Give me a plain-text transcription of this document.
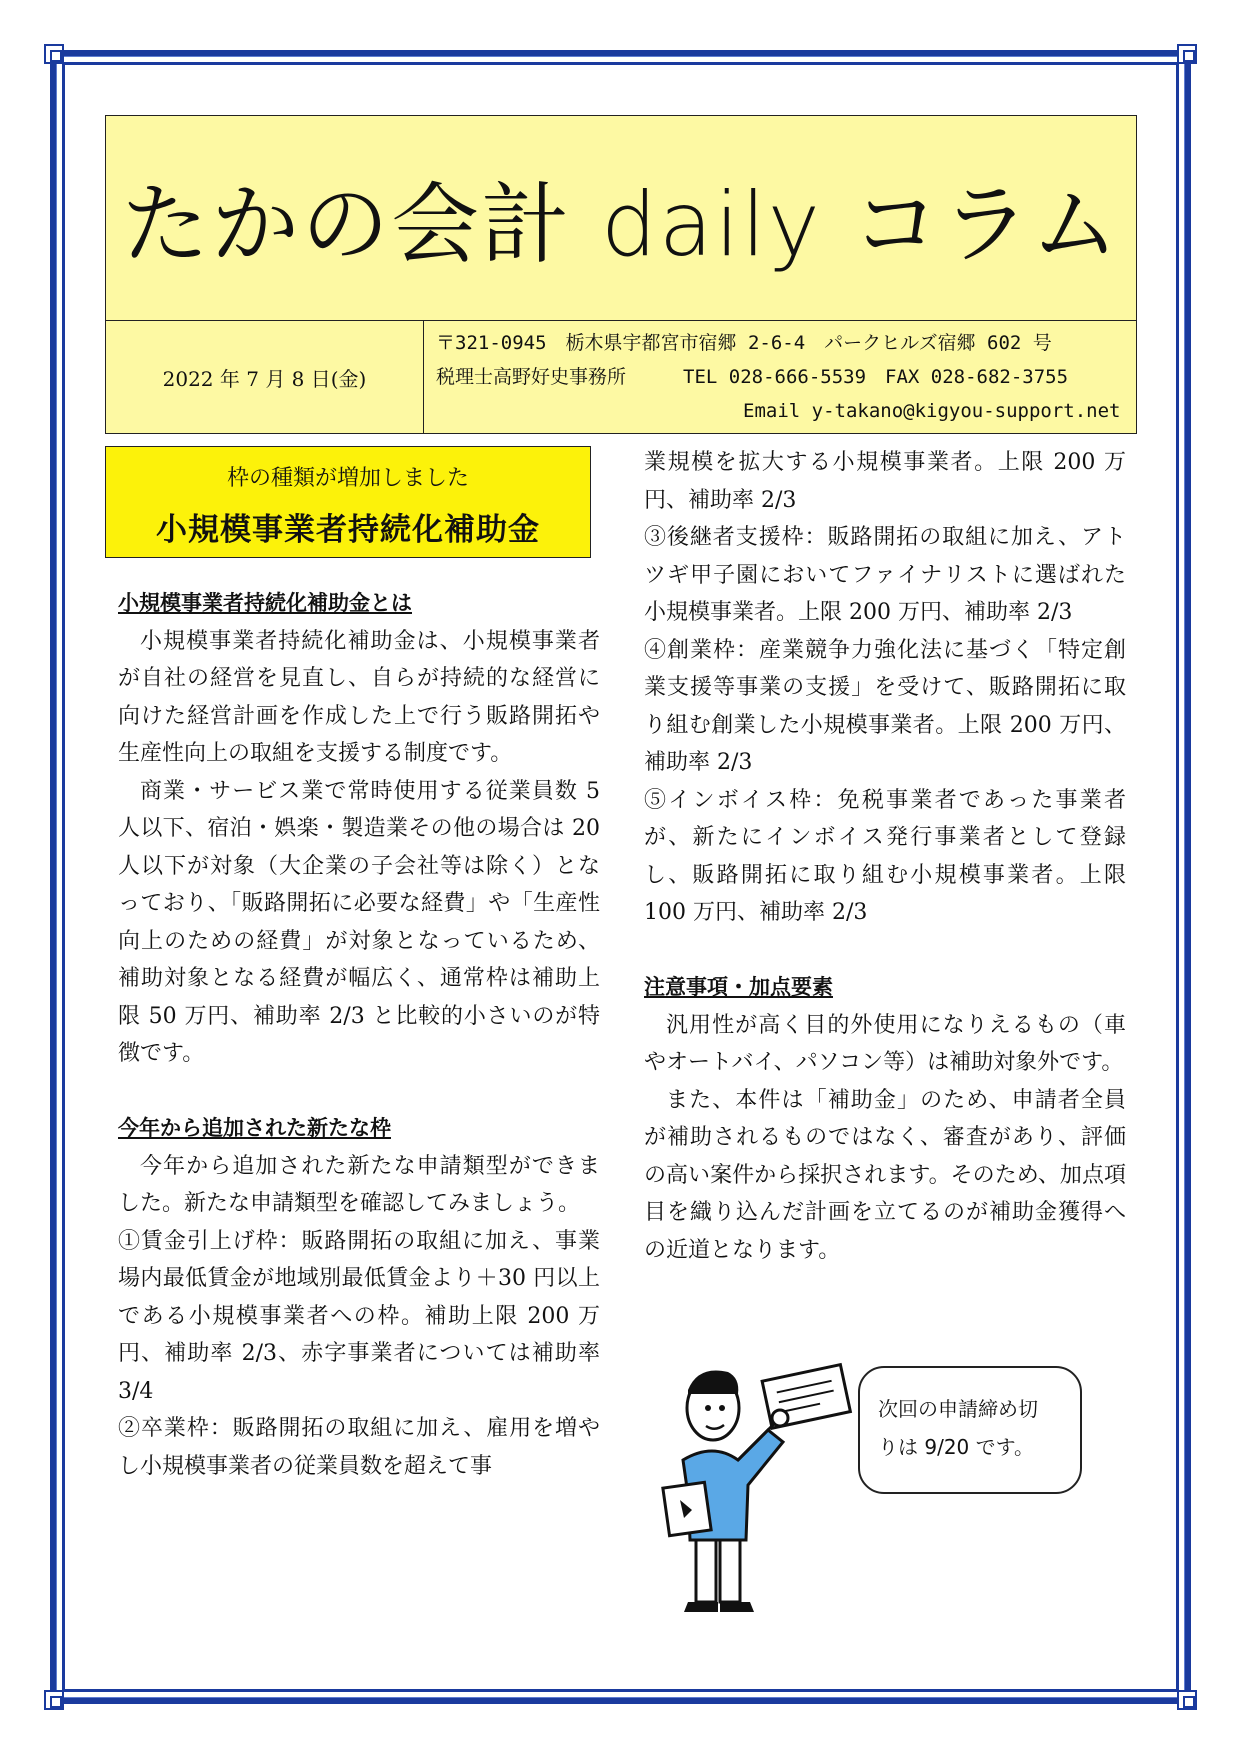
たかの会計 daily コラム
2022 年 7 月 8 日(金)
〒321-0945　栃木県宇都宮市宿郷 2-6-4　パークヒルズ宿郷 602 号
税理士高野好史事務所　　　TEL 028-666-5539　FAX 028-682-3755
Email y-takano@kigyou-support.net
枠の種類が増加しました
小規模事業者持続化補助金

小規模事業者持続化補助金とは

小規模事業者持続化補助金は、小規模事業者が自社の経営を見直し、自らが持続的な経営に向けた経営計画を作成した上で行う販路開拓や生産性向上の取組を支援する制度です。

商業・サービス業で常時使用する従業員数 5 人以下、宿泊・娯楽・製造業その他の場合は 20 人以下が対象（大企業の子会社等は除く）となっており、「販路開拓に必要な経費」や「生産性向上のための経費」が対象となっているため、補助対象となる経費が幅広く、通常枠は補助上限 50 万円、補助率 2/3 と比較的小さいのが特徴です。

今年から追加された新たな枠

今年から追加された新たな申請類型ができました。新たな申請類型を確認してみましょう。

①賃金引上げ枠：販路開拓の取組に加え、事業場内最低賃金が地域別最低賃金より＋30 円以上である小規模事業者への枠。補助上限 200 万円、補助率 2/3、赤字事業者については補助率 3/4

②卒業枠：販路開拓の取組に加え、雇用を増やし小規模事業者の従業員数を超えて事

業規模を拡大する小規模事業者。上限 200 万円、補助率 2/3

③後継者支援枠：販路開拓の取組に加え、アトツギ甲子園においてファイナリストに選ばれた小規模事業者。上限 200 万円、補助率 2/3

④創業枠：産業競争力強化法に基づく「特定創業支援等事業の支援」を受けて、販路開拓に取り組む創業した小規模事業者。上限 200 万円、補助率 2/3

⑤インボイス枠：免税事業者であった事業者が、新たにインボイス発行事業者として登録し、販路開拓に取り組む小規模事業者。上限 100 万円、補助率 2/3

注意事項・加点要素

汎用性が高く目的外使用になりえるもの（車やオートバイ、パソコン等）は補助対象外です。

また、本件は「補助金」のため、申請者全員が補助されるものではなく、審査があり、評価の高い案件から採択されます。そのため、加点項目を織り込んだ計画を立てるのが補助金獲得への近道となります。

次回の申請締め切
りは 9/20 です。
